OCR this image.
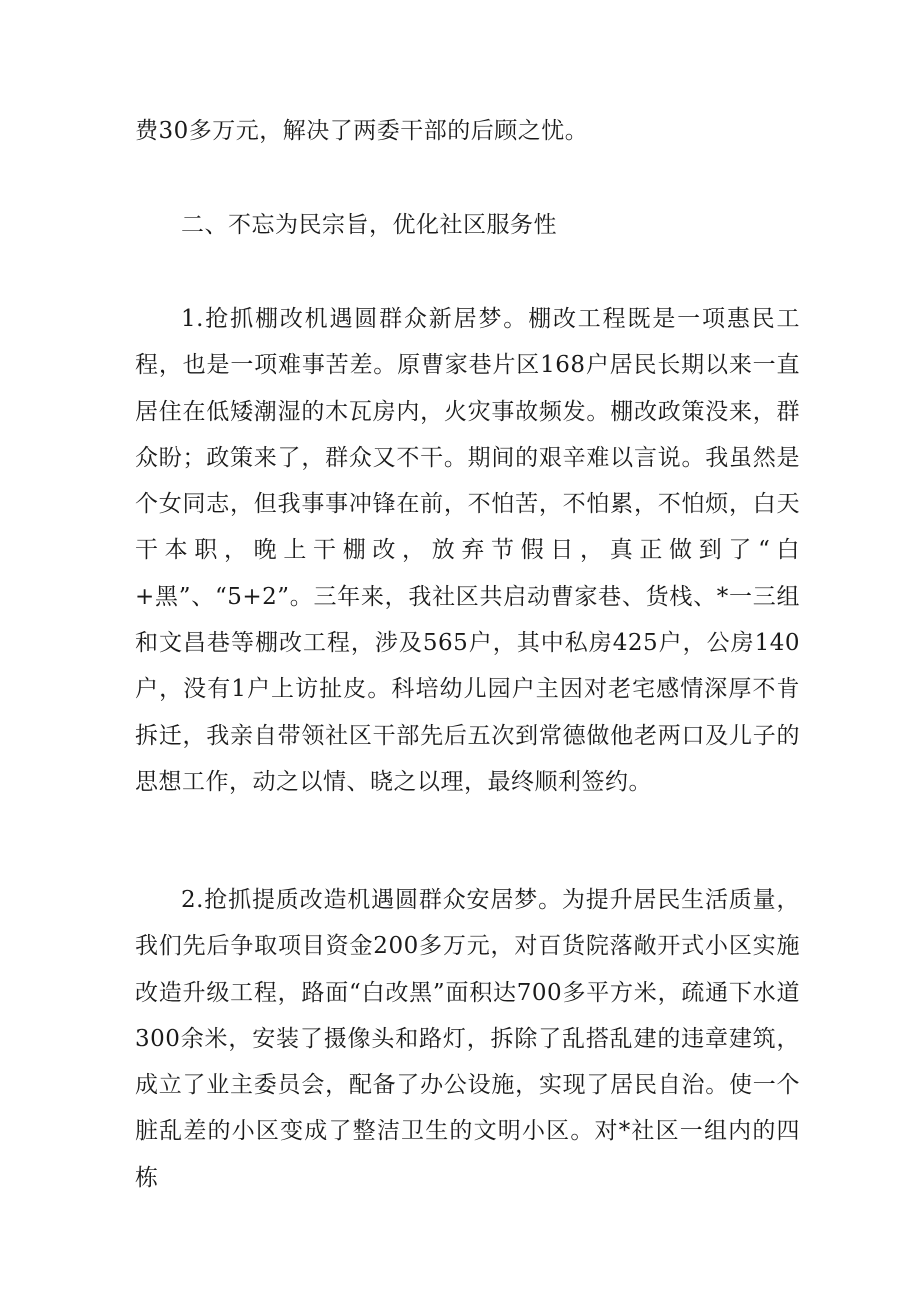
费30多万元，解决了两委干部的后顾之忧。

二、不忘为民宗旨，优化社区服务性

1.抢抓棚改机遇圆群众新居梦。棚改工程既是一项惠民工程，也是一项难事苦差。原曹家巷片区168户居民长期以来一直居住在低矮潮湿的木瓦房内，火灾事故频发。棚改政策没来，群众盼；政策来了，群众又不干。期间的艰辛难以言说。我虽然是个女同志，但我事事冲锋在前，不怕苦，不怕累，不怕烦，白天干本职，晚上干棚改，放弃节假日，真正做到了“白+黑”、“5+2”。三年来，我社区共启动曹家巷、货栈、*一三组和文昌巷等棚改工程，涉及565户，其中私房425户，公房140户，没有1户上访扯皮。科培幼儿园户主因对老宅感情深厚不肯拆迁，我亲自带领社区干部先后五次到常德做他老两口及儿子的思想工作，动之以情、晓之以理，最终顺利签约。

2.抢抓提质改造机遇圆群众安居梦。为提升居民生活质量，我们先后争取项目资金200多万元，对百货院落敞开式小区实施改造升级工程，路面“白改黑”面积达700多平方米，疏通下水道300余米，安装了摄像头和路灯，拆除了乱搭乱建的违章建筑，成立了业主委员会，配备了办公设施，实现了居民自治。使一个脏乱差的小区变成了整洁卫生的文明小区。对*社区一组内的四栋
